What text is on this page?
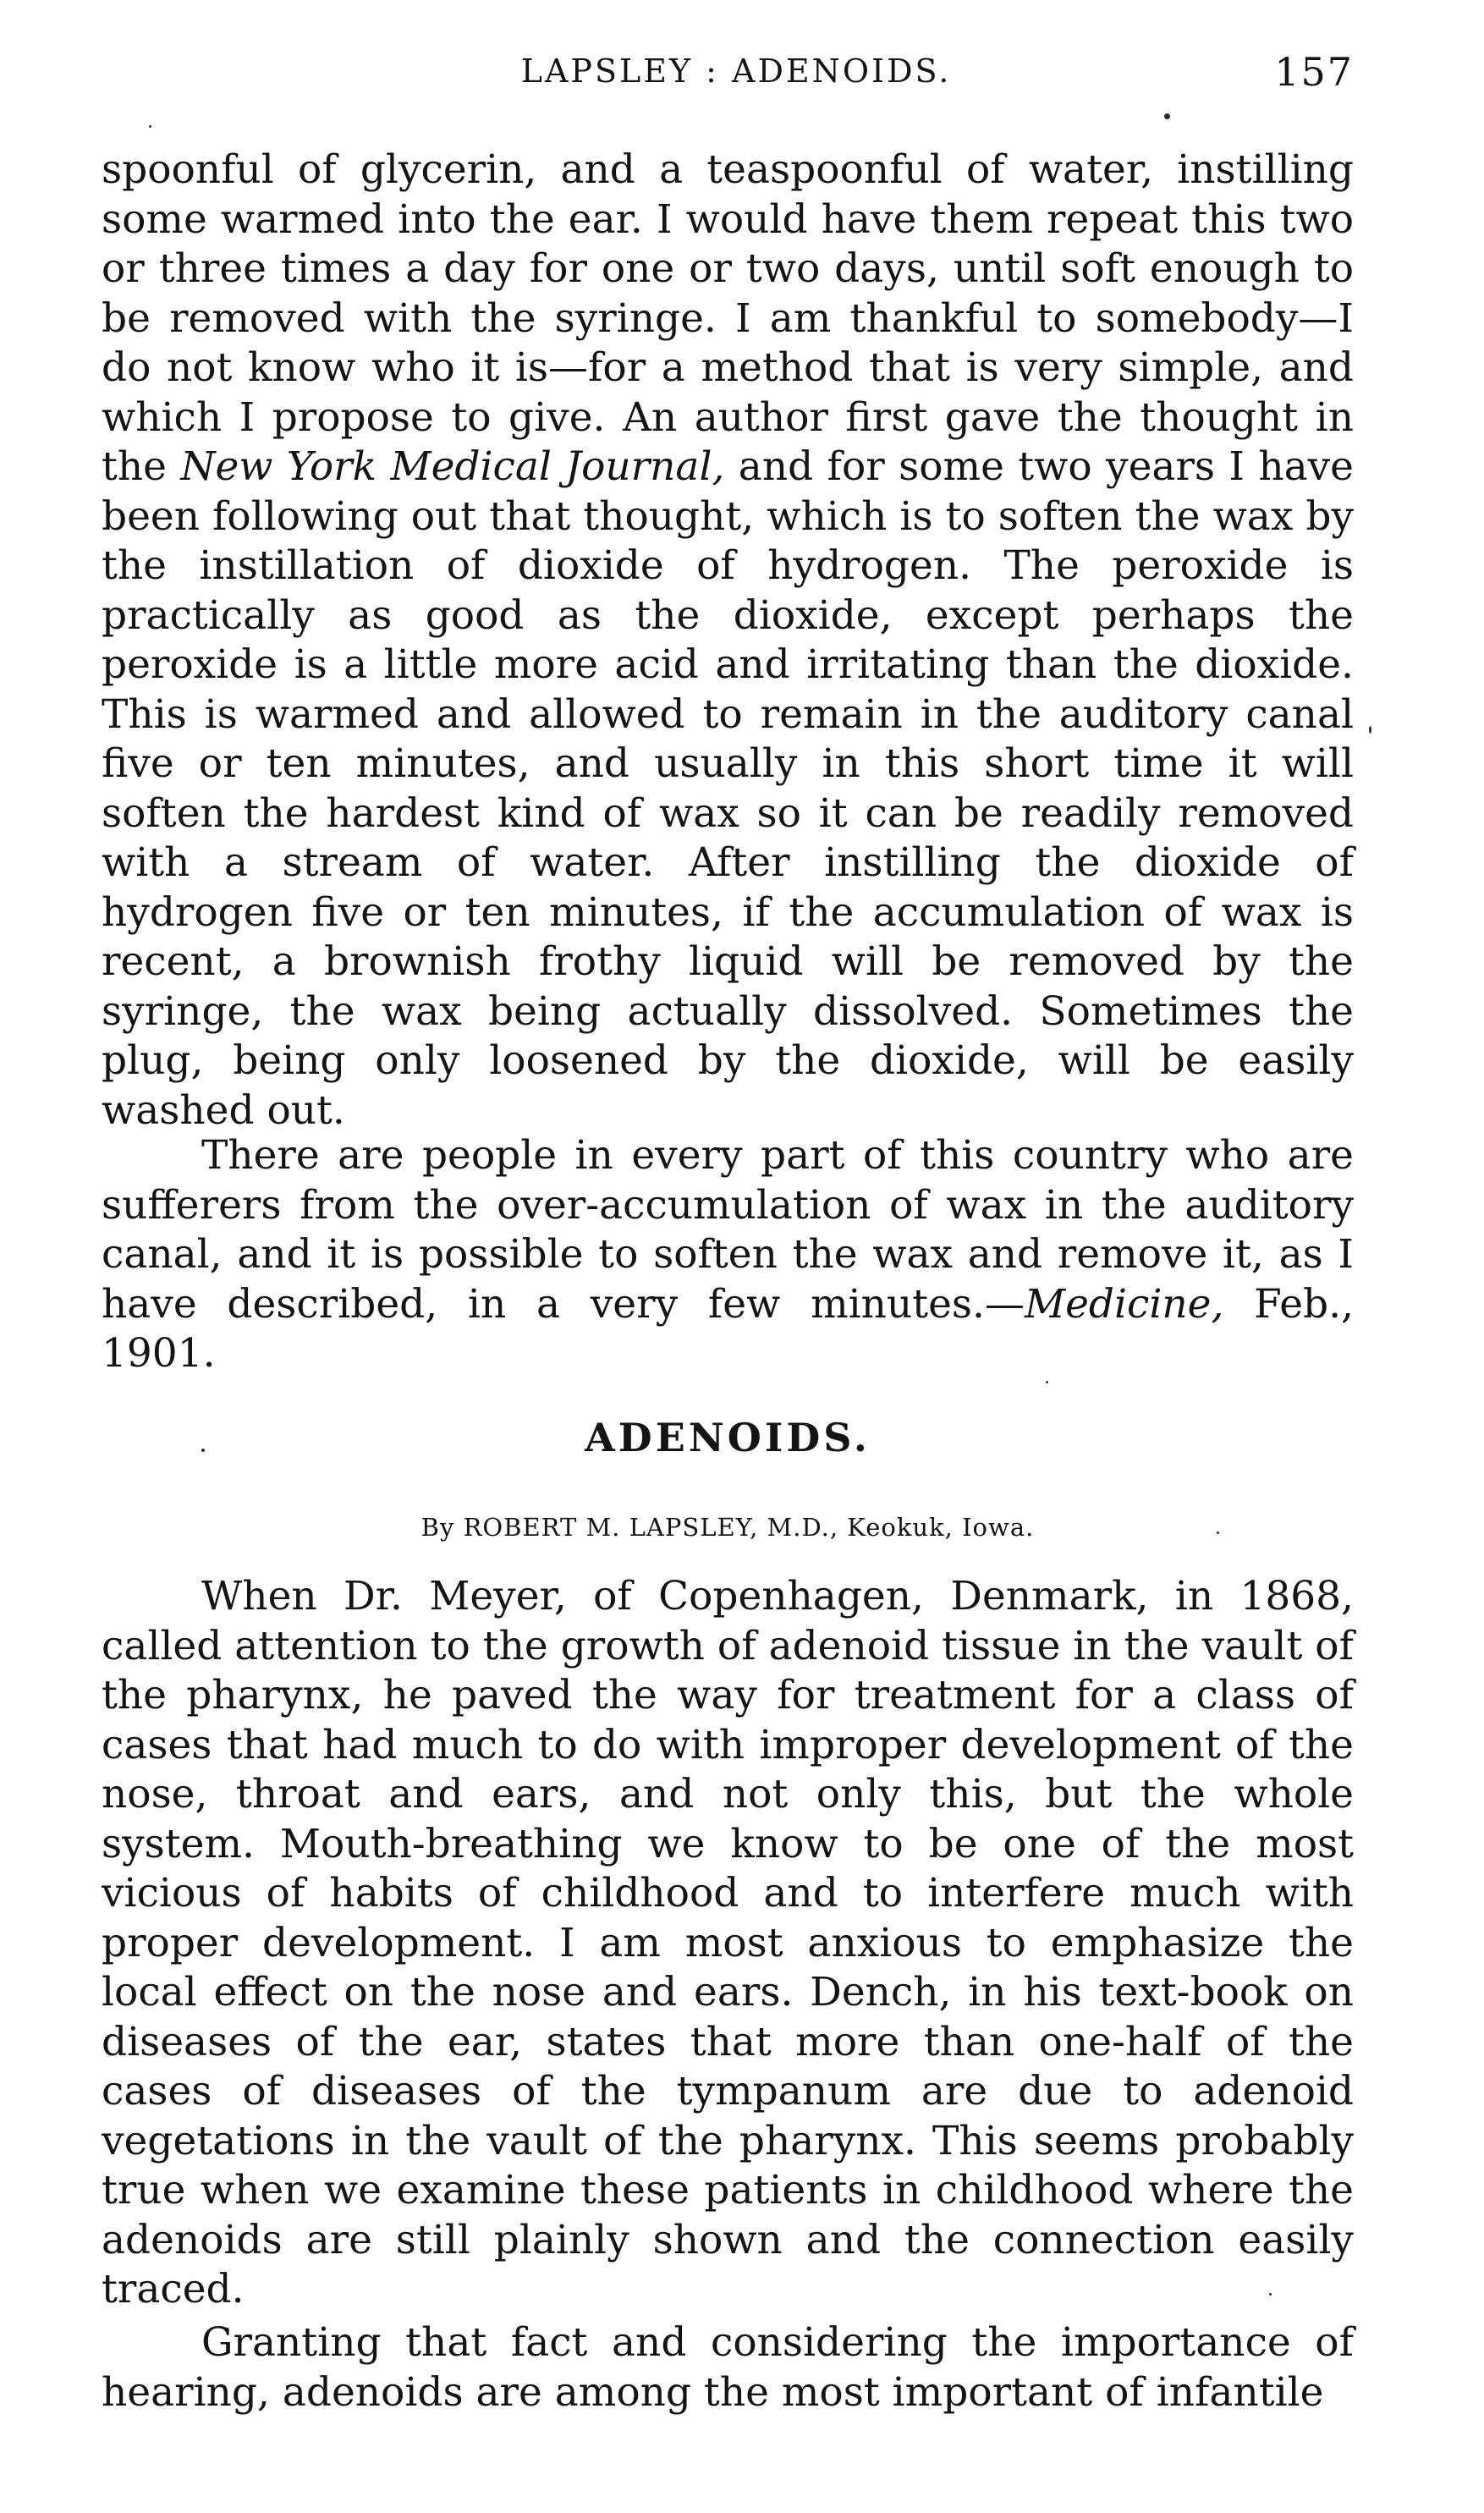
LAPSLEY : ADENOIDS.	157

spoonful of glycerin, and a teaspoonful of water, instilling some warmed into the ear. I would have them repeat this two or three times a day for one or two days, until soft enough to be removed with the syringe. I am thankful to somebody—I do not know who it is—for a method that is very simple, and which I propose to give. An author first gave the thought in the New York Medical Journal, and for some two years I have been following out that thought, which is to soften the wax by the instillation of dioxide of hydrogen. The peroxide is practically as good as the dioxide, except perhaps the peroxide is a little more acid and irritating than the dioxide. This is warmed and allowed to remain in the auditory canal five or ten minutes, and usually in this short time it will soften the hardest kind of wax so it can be readily removed with a stream of water. After instilling the dioxide of hydrogen five or ten minutes, if the accumulation of wax is recent, a brownish frothy liquid will be removed by the syringe, the wax being actually dissolved. Sometimes the plug, being only loosened by the dioxide, will be easily washed out.

There are people in every part of this country who are sufferers from the over-accumulation of wax in the auditory canal, and it is possible to soften the wax and remove it, as I have described, in a very few minutes.—Medicine, Feb., 1901.

ADENOIDS.

By ROBERT M. LAPSLEY, M.D., Keokuk, Iowa.

When Dr. Meyer, of Copenhagen, Denmark, in 1868, called attention to the growth of adenoid tissue in the vault of the pharynx, he paved the way for treatment for a class of cases that had much to do with improper development of the nose, throat and ears, and not only this, but the whole system. Mouth-breathing we know to be one of the most vicious of habits of childhood and to interfere much with proper development. I am most anxious to emphasize the local effect on the nose and ears. Dench, in his text-book on diseases of the ear, states that more than one-half of the cases of diseases of the tympanum are due to adenoid vegetations in the vault of the pharynx. This seems probably true when we examine these patients in childhood where the adenoids are still plainly shown and the connection easily traced.

Granting that fact and considering the importance of hearing, adenoids are among the most important of infantile
